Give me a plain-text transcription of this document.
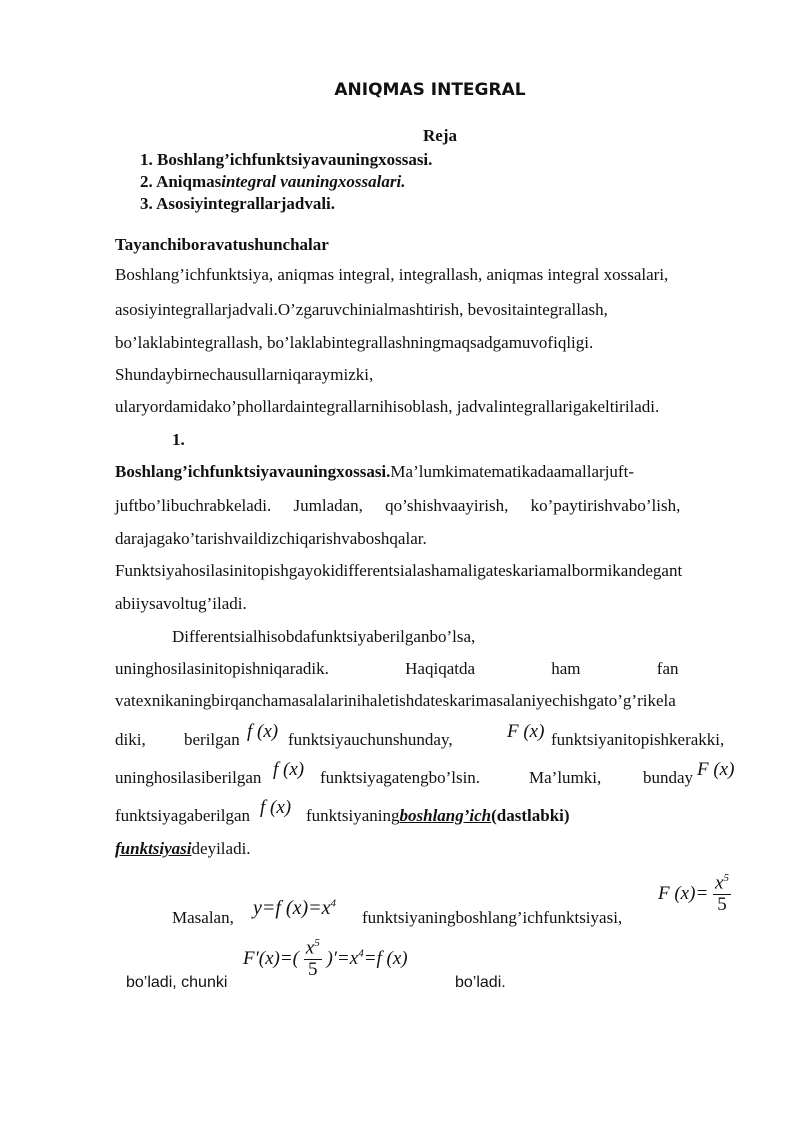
ANIQMAS INTEGRAL
Reja
1. Boshlang’ichfunktsiyavauningxossasi.
2. Aniqmasintegral vauningxossalari.
3. Asosiyintegrallarjadvali.
Tayanchiboravatushunchalar
Boshlang’ichfunktsiya, aniqmas integral, integrallash, aniqmas integral xossalari,
asosiyintegrallarjadvali.O’zgaruvchinialmashtirish, bevositaintegrallash,
bo’laklabintegrallash, bo’laklabintegrallashningmaqsadgamuvofiqligi.
Shundaybirnechausullarniqaraymizki,
ularyordamidako’phollardaintegrallarnihisoblash, jadvalintegrallarigakeltiriladi.
1.
Boshlang’ichfunktsiyavauningxossasi.Ma’lumkimatematikadaamallarjuft-
juftbo’libuchrabkeladi. Jumladan, qo’shishvaayirish, ko’paytirishvabo’lish,
darajagako’tarishvaildizchiqarishvaboshqalar.
Funktsiyahosilasinitopishgayokidifferentsialashamaligateskariamalbormikandegant
abiiysavoltug’iladi.
Differentsialhisobdafunktsiyaberilganbo’lsa,
uninghosilasinitopishniqaradik. Haqiqatda ham fan
vatexnikaningbirqanchamasalalarinihaletishdateskarimasalaniyechishgato’g’rikela
diki, berilgan f (x) funktsiyauchunshunday,	F (x) funktsiyanitopishkerakki,
uninghosilasiberilgan f (x) funktsiyagatengbo’lsin.	Ma’lumki, bunday F (x)
funktsiyagaberilgan f (x) funktsiyaningboshlang’ich(dastlabki)
funktsiyasideyiladi.
Masalan, y=f $(x)=x^4$
funktsiyaningboshlang’ichfunktsiyasi,
F $(x)= \frac{x^5}{5}$
bo’ladi, chunki
$F'(x)=( \frac{x^5}{5} )'=x^4=f$ (x)
bo’ladi.
